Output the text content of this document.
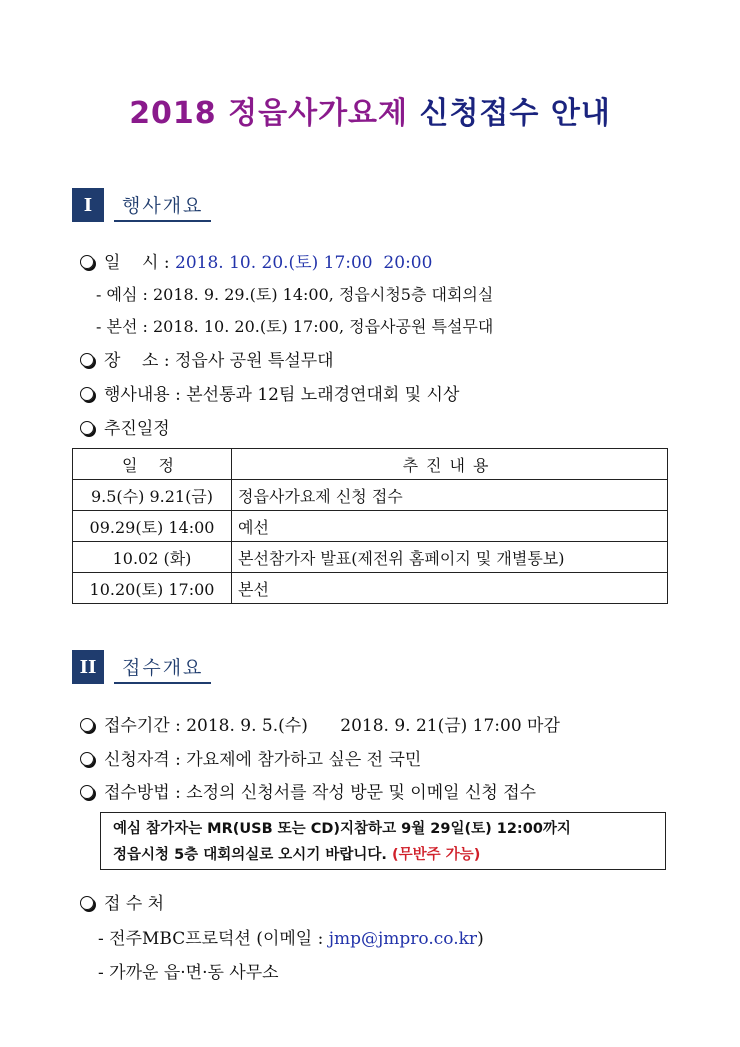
2018 정읍사가요제 신청접수 안내
I	행사개요
일    시 : 2018. 10. 20.(토) 17:00  20:00
- 예심 : 2018. 9. 29.(토) 14:00, 정읍시청5층 대회의실
- 본선 : 2018. 10. 20.(토) 17:00, 정읍사공원 특설무대
장    소 : 정읍사 공원 특설무대
행사내용 : 본선통과 12팀 노래경연대회 및 시상
추진일정
일 정	추진내용
9.5(수) 9.21(금)	정읍사가요제 신청 접수
09.29(토) 14:00	예선
10.02 (화)	본선참가자 발표(제전위 홈페이지 및 개별통보)
10.20(토) 17:00	본선
II	접수개요
접수기간 : 2018. 9. 5.(수)      2018. 9. 21(금) 17:00 마감
신청자격 : 가요제에 참가하고 싶은 전 국민
접수방법 : 소정의 신청서를 작성 방문 및 이메일 신청 접수
예심 참가자는 MR(USB 또는 CD)지참하고 9월 29일(토) 12:00까지
정읍시청 5층 대회의실로 오시기 바랍니다. (무반주 가능)
접 수 처
- 전주MBC프로덕션 (이메일 : jmp@jmpro.co.kr)
- 가까운 읍·면·동 사무소
